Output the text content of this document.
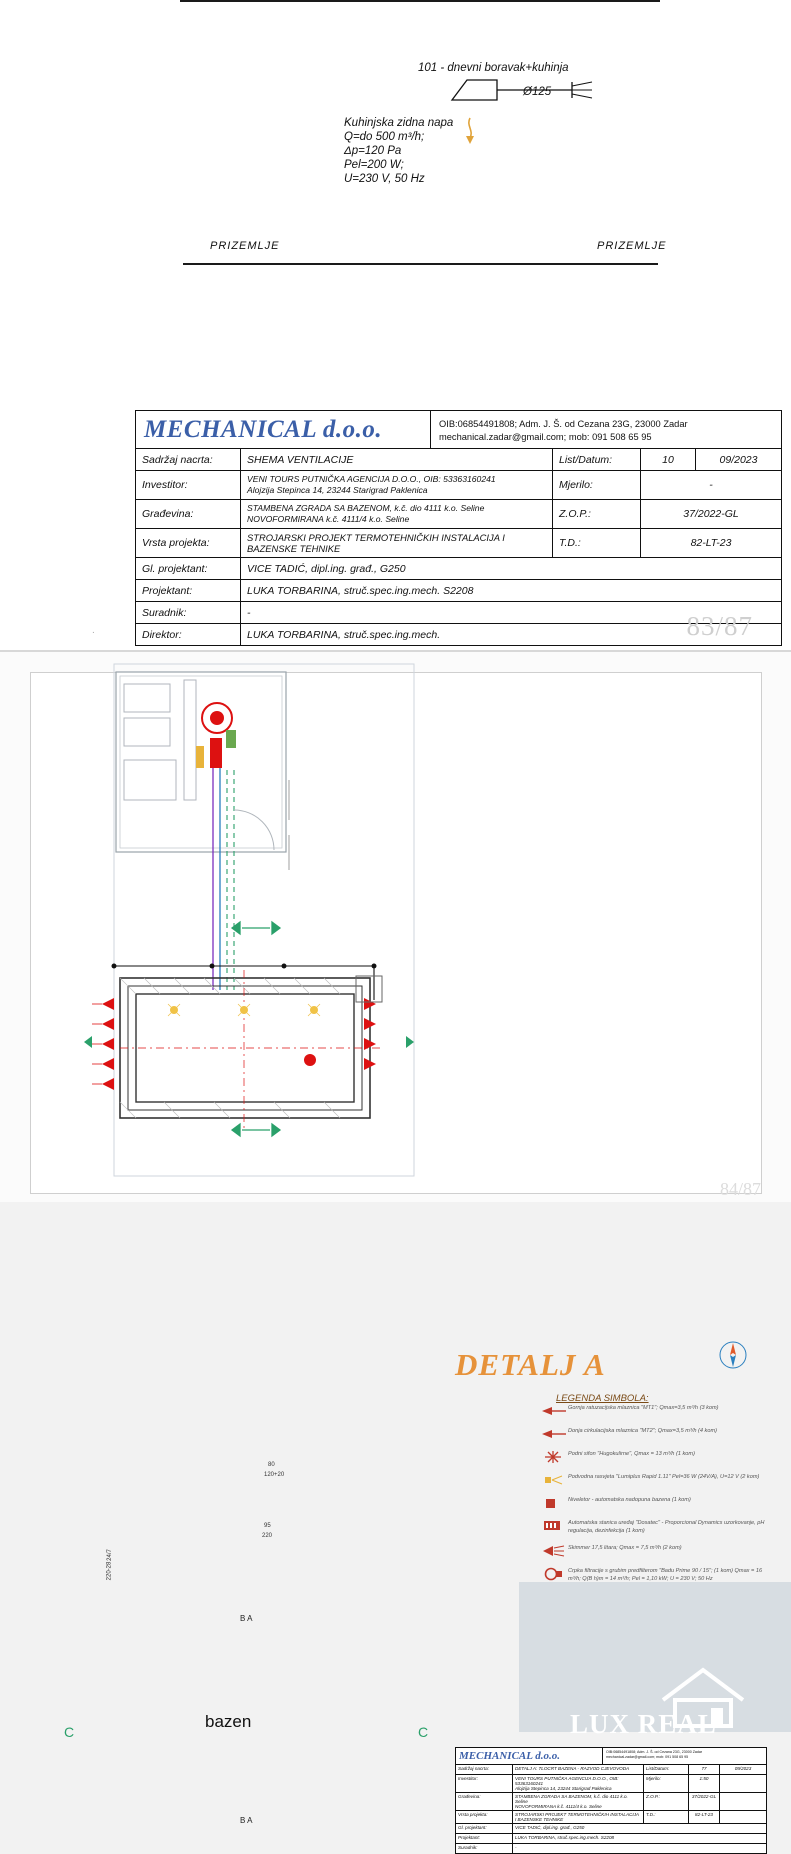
101 - dnevni boravak+kuhinja
Kuhinjska zidna napa
Q=do 500 m³/h;
Δp=120 Pa
Pel=200 W;
U=230 V, 50 Hz
Ø125
PRIZEMLJE	PRIZEMLJE
.
MECHANICAL d.o.o.	OIB:06854491808; Adm. J. Š. od Cezana 23G, 23000 Zadar
mechanical.zadar@gmail.com; mob: 091 508 65 95
Sadržaj nacrta:	SHEMA VENTILACIJE	List/Datum:	10	09/2023
Investitor:	VENI TOURS PUTNIČKA AGENCIJA D.O.O., OIB: 53363160241
Alojzija Stepinca 14, 23244 Starigrad Paklenica	Mjerilo:	-
Građevina:	STAMBENA ZGRADA SA BAZENOM, k.č. dio 4111 k.o. Seline
NOVOFORMIRANA k.č. 4111/4 k.o. Seline	Z.O.P.:	37/2022-GL
Vrsta projekta:	STROJARSKI PROJEKT TERMOTEHNIČKIH INSTALACIJA I BAZENSKE TEHNIKE	T.D.:	82-LT-23
Gl. projektant:	VICE TADIĆ, dipl.ing. građ., G250
Projektant:	LUKA TORBARINA, struč.spec.ing.mech. S2208
Suradnik:	-
Direktor:	LUKA TORBARINA, struč.spec.ing.mech.	83/87
DETALJ A
LEGENDA SIMBOLA:
Gornja ratuzacijska mlaznica "MT1"; Qmax=3,5 m³/h (3 kom)
Donja cirkulacijska mlaznica "MT2"; Qmax=3,5 m³/h (4 kom)
Podni sifon "Hugokulirne", Qmax = 13 m³/h (1 kom)
Podvodna rasvjeta "Lumiplus Rapid 1.11" Pel=36 W (24V/A), U=12 V (2 kom)
Niveletor - automatska nadopuna bazena (1 kom)
Automatska stanica uređaj "Dosatec" - Proporcional Dynamics uzorkovanje, pH regulacija, dezinfekcija (1 kom)
Skimmer 17,5 litara; Qmax = 7,5 m³/h (2 kom)
Crpka filtracije s grubim predfilterom "Badu Prime 90 / 15"; (1 kom) Qmax = 16 m³/h; Q(B h)m = 14 m³/h; Pel = 1,10 kW; U = 230 V; 50 Hz
80
120+20
95
220
24/7
220-28
B A
B A
C	C
bazen	LUX REAL
MECHANICAL d.o.o.	OIB:06854491808; Adm. J. Š. od Cezana 23G, 23000 Zadar
mechanical.zadar@gmail.com; mob: 091 508 65 95
Sadržaj nacrta:	DETALJ A: TLOCRT BAZENA - RAZVOD CJEVOVODA	List/Datum:	77	09/2023
Investitor:	VENI TOURS PUTNIČKA AGENCIJA D.O.O., OIB: 53363160241
Alojzija Stepinca 14, 23244 Starigrad Paklenica
Mjerilo:	1:50
Građevina:	STAMBENA ZGRADA SA BAZENOM, k.č. dio 4111 k.o. Seline
NOVOFORMIRANA k.č. 4111/4 k.o. Seline
Z.O.P.:	37/2022-GL
Vrsta projekta:	STROJARSKI PROJEKT TERMOTEHNIČKIH INSTALACIJA I BAZENSKE TEHNIKE
T.D.:	82-LT-23
Gl. projektant:	VICE TADIĆ, dipl.ing. građ., G250
Projektant:	LUKA TORBARINA, struč.spec.ing.mech. S2208
Suradnik:	-
84/87
